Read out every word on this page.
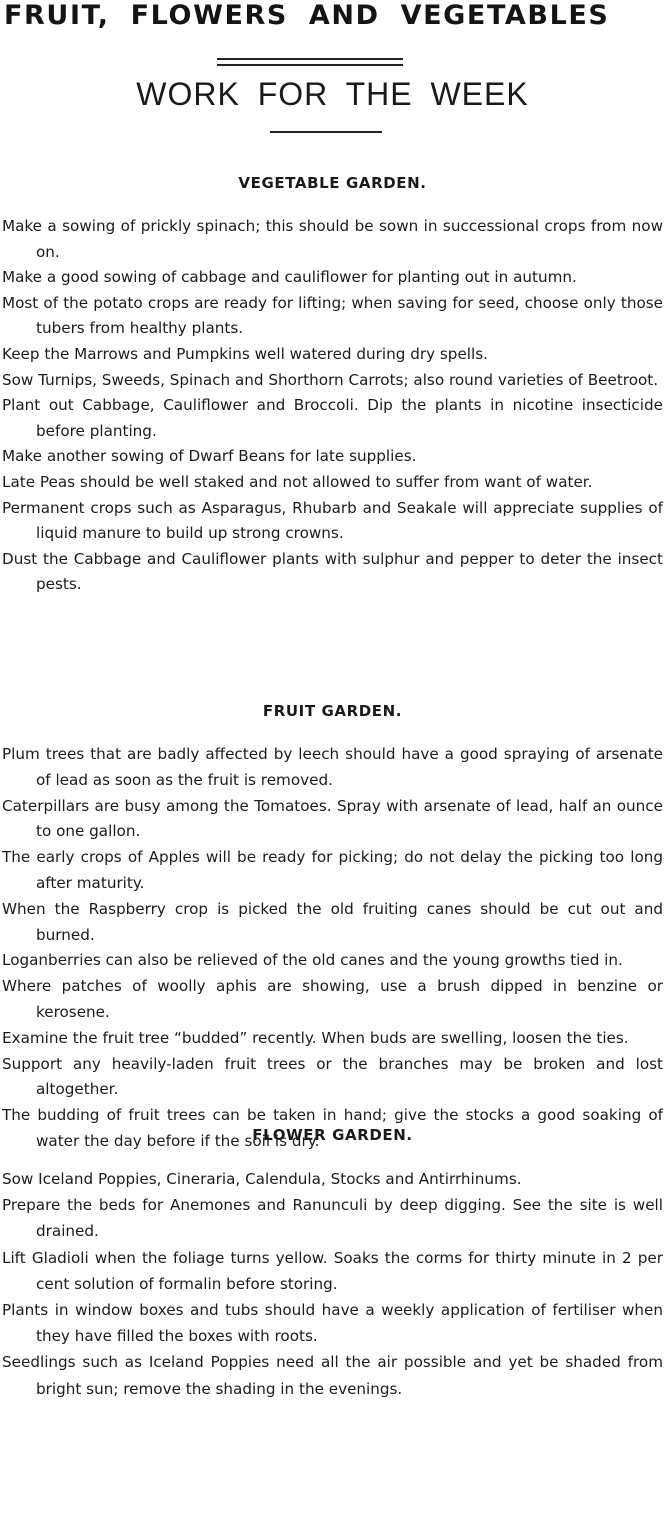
FRUIT, FLOWERS AND VEGETABLES
WORK FOR THE WEEK
VEGETABLE GARDEN.
Make a sowing of prickly spinach; this should be sown in successional crops from now on.
Make a good sowing of cabbage and cauliflower for planting out in autumn.
Most of the potato crops are ready for lifting; when saving for seed, choose only those tubers from healthy plants.
Keep the Marrows and Pumpkins well watered during dry spells.
Sow Turnips, Sweeds, Spinach and Shorthorn Carrots; also round varieties of Beetroot.
Plant out Cabbage, Cauliflower and Broccoli. Dip the plants in nicotine insecticide before planting.
Make another sowing of Dwarf Beans for late supplies.
Late Peas should be well staked and not allowed to suffer from want of water.
Permanent crops such as Asparagus, Rhubarb and Seakale will appreciate supplies of liquid manure to build up strong crowns.
Dust the Cabbage and Cauliflower plants with sulphur and pepper to deter the insect pests.
FRUIT GARDEN.
Plum trees that are badly affected by leech should have a good spraying of arsenate of lead as soon as the fruit is removed.
Caterpillars are busy among the Tomatoes. Spray with arsenate of lead, half an ounce to one gallon.
The early crops of Apples will be ready for picking; do not delay the picking too long after maturity.
When the Raspberry crop is picked the old fruiting canes should be cut out and burned.
Loganberries can also be relieved of the old canes and the young growths tied in.
Where patches of woolly aphis are showing, use a brush dipped in benzine or kerosene.
Examine the fruit tree “budded” recently. When buds are swelling, loosen the ties.
Support any heavily-laden fruit trees or the branches may be broken and lost altogether.
The budding of fruit trees can be taken in hand; give the stocks a good soaking of water the day before if the soil is dry.
FLOWER GARDEN.
Sow Iceland Poppies, Cineraria, Calendula, Stocks and Antirrhinums.
Prepare the beds for Anemones and Ranunculi by deep digging. See the site is well drained.
Lift Gladioli when the foliage turns yellow. Soaks the corms for thirty minute in 2 per cent solution of formalin before storing.
Plants in window boxes and tubs should have a weekly application of fertiliser when they have filled the boxes with roots.
Seedlings such as Iceland Poppies need all the air possible and yet be shaded from bright sun; remove the shading in the evenings.
